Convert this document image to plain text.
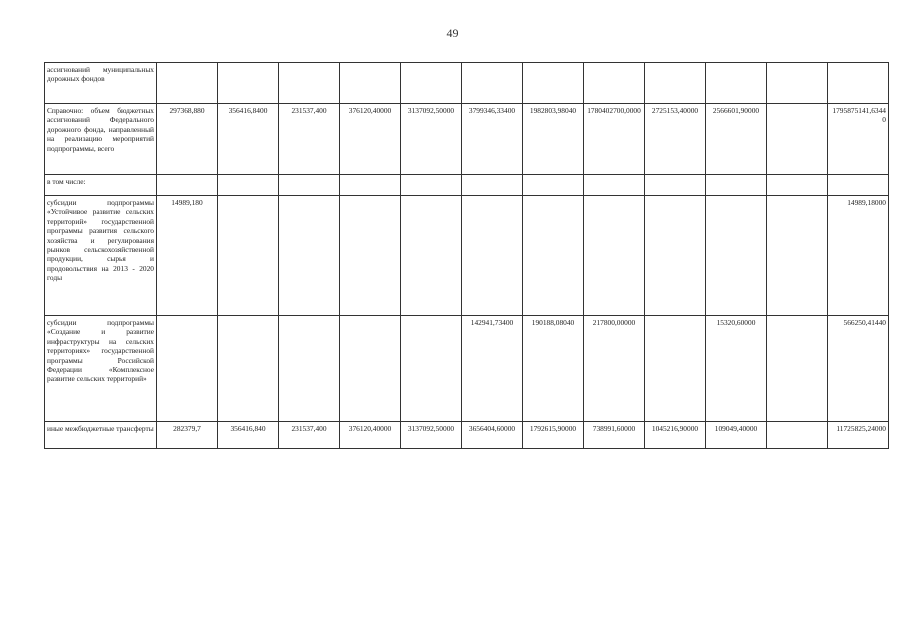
49
ассигнований муниципальных дорожных фондов												
Справочно: объем бюджетных ассигнований Федерального дорожного фонда, направленный на реализацию мероприятий подпрограммы, всего	297368,880	356416,8400	231537,400	376120,40000	3137092,50000	3799346,33400	1982803,98040	1780402700,0000	2725153,40000	2566601,90000		1795875141,63440
в том числе:												
субсидии подпрограммы «Устойчивое развитие сельских территорий» государственной программы развития сельского хозяйства и регулирования рынков сельскохозяйственной продукции, сырья и продовольствия на 2013 - 2020 годы	14989,180											14989,18000
субсидии подпрограммы «Создание и развитие инфраструктуры на сельских территориях» государственной программы Российской Федерации «Комплексное развитие сельских территорий»						142941,73400	190188,08040	217800,00000		15320,60000		566250,41440
иные межбюджетные трансферты	282379,7	356416,840	231537,400	376120,40000	3137092,50000	3656404,60000	1792615,90000	738991,60000	1045216,90000	109049,40000		11725825,24000
